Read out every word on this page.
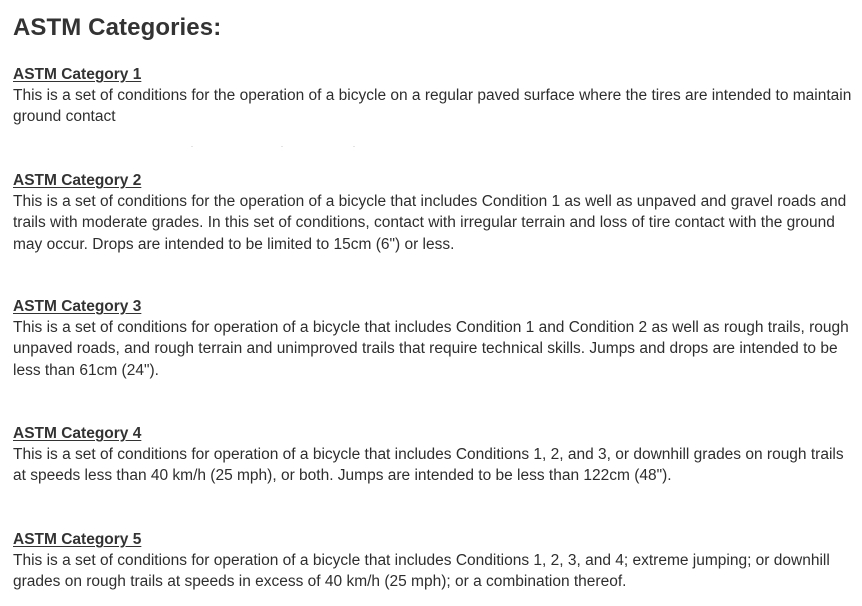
ASTM Categories:
ASTM Category 1

This is a set of conditions for the operation of a bicycle on a regular paved surface where the tires are intended to maintain ground contact

ASTM Category 2

This is a set of conditions for the operation of a bicycle that includes Condition 1 as well as unpaved and gravel roads and trails with moderate grades. In this set of conditions, contact with irregular terrain and loss of tire contact with the ground may occur. Drops are intended to be limited to 15cm (6") or less.

ASTM Category 3

This is a set of conditions for operation of a bicycle that includes Condition 1 and Condition 2 as well as rough trails, rough unpaved roads, and rough terrain and unimproved trails that require technical skills. Jumps and drops are intended to be less than 61cm (24").

ASTM Category 4

This is a set of conditions for operation of a bicycle that includes Conditions 1, 2, and 3, or downhill grades on rough trails at speeds less than 40 km/h (25 mph), or both. Jumps are intended to be less than 122cm (48").

ASTM Category 5

This is a set of conditions for operation of a bicycle that includes Conditions 1, 2, 3, and 4; extreme jumping; or downhill grades on rough trails at speeds in excess of 40 km/h (25 mph); or a combination thereof.
